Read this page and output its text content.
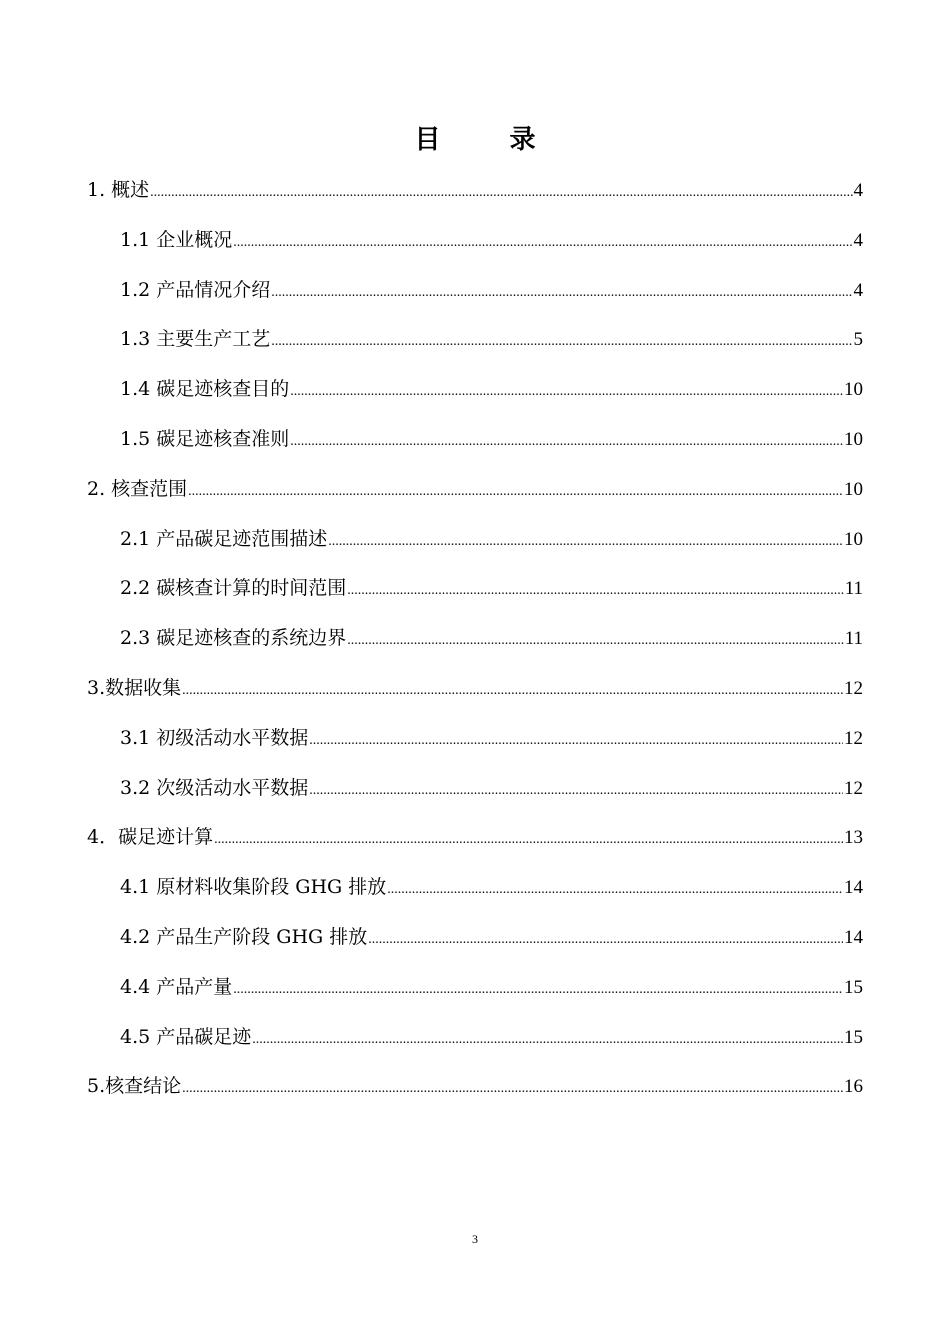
目 录
1. 概述 .....	4
1.1 企业概况 .....	4
1.2 产品情况介绍 .....	4
1.3 主要生产工艺 .....	5
1.4 碳足迹核查目的 .....	10
1.5 碳足迹核查准则 .....	10
2. 核查范围 .....	10
2.1 产品碳足迹范围描述 .....	10
2.2 碳核查计算的时间范围 .....	11
2.3 碳足迹核查的系统边界 .....	11
3.数据收集 .....	12
3.1 初级活动水平数据 .....	12
3.2 次级活动水平数据 .....	12
4．碳足迹计算 .....	13
4.1 原材料收集阶段 GHG 排放 .....	14
4.2 产品生产阶段 GHG 排放 .....	14
4.4 产品产量 .....	15
4.5 产品碳足迹 .....	15
5.核查结论 .....	16
3
